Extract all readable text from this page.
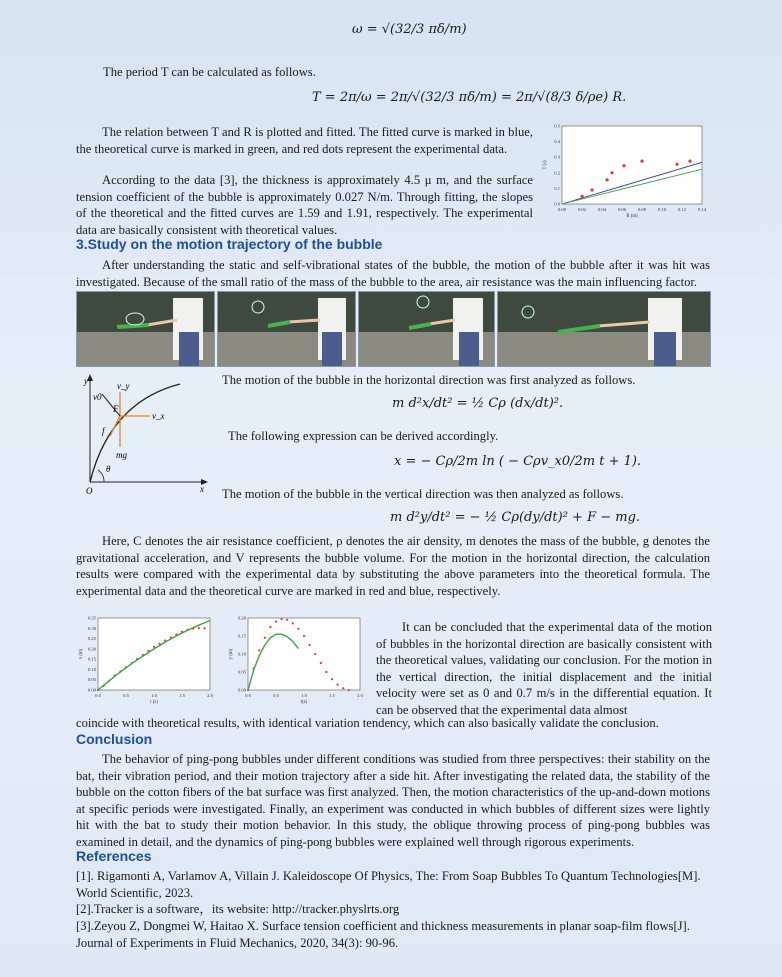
ω = √(32/3 πδ/m)
The period T can be calculated as follows.
T = 2π/ω = 2π/√(32/3 πδ/m) = 2π/√(8/3 δ/ρe) R.
The relation between T and R is plotted and fitted. The fitted curve is marked in blue, the theoretical curve is marked in green, and red dots represent the experimental data.
According to the data [3], the thickness is approximately 4.5 μ m, and the surface tension coefficient of the bubble is approximately 0.027 N/m. Through fitting, the slopes of the theoretical and the fitted curves are 1.59 and 1.91, respectively. The experimental data are basically consistent with theoretical values.
0.00	0.02	0.04	0.06	0.08	0.10	0.12	0.14
0.0
0.1
0.2
0.3
0.4
0.5
R (m)
T (s)
3.Study on the motion trajectory of the bubble
After understanding the static and self-vibrational states of the bubble, the motion of the bubble after it was hit was investigated. Because of the small ratio of the mass of the bubble to the area, air resistance was the main influencing factor.
y	v_y
v0
F
v_x
f
mg
θ
O	x
The motion of the bubble in the horizontal direction was first analyzed as follows.
m d²x/dt² = ½ Cρ (dx/dt)².
The following expression can be derived accordingly.
x = − Cρ/2m ln ( − Cρv_x0/2m t + 1).
The motion of the bubble in the vertical direction was then analyzed as follows.
m d²y/dt² = − ½ Cρ(dy/dt)² + F − mg.
Here, C denotes the air resistance coefficient, ρ denotes the air density, m denotes the mass of the bubble, g denotes the gravitational acceleration, and V represents the bubble volume. For the motion in the horizontal direction, the calculation results were compared with the experimental data by substituting the above parameters into the theoretical formula. The experimental data and the theoretical curve are marked in red and blue, respectively.
0.0	0.5	1.0	1.5	2.0
0.00
0.05
0.10
0.15
0.20
0.25
0.30
0.35
t (s)
x (m)
0.0	0.5	1.0	1.5	2.0
0.00
0.05
0.10
0.15
0.20
t(s)
y (m)
It can be concluded that the experimental data of the motion of bubbles in the horizontal direction are basically consistent with the theoretical values, validating our conclusion. For the motion in the vertical direction, the initial displacement and the initial velocity were set as 0 and 0.7 m/s in the differential equation. It can be observed that the experimental data almost
coincide with theoretical results, with identical variation tendency, which can also basically validate the conclusion.
Conclusion
The behavior of ping-pong bubbles under different conditions was studied from three perspectives: their stability on the bat, their vibration period, and their motion trajectory after a side hit. After investigating the related data, the stability of the bubble on the cotton fibers of the bat surface was first analyzed. Then, the motion characteristics of the up-and-down motions at specific periods were investigated. Finally, an experiment was conducted in which bubbles of different sizes were lightly hit with the bat to study their motion behavior. In this study, the oblique throwing process of ping-pong bubbles was examined in detail, and the dynamics of ping-pong bubbles were explained well through rigorous experiments.
References
[1]. Rigamonti A, Varlamov A, Villain J. Kaleidoscope Of Physics, The: From Soap Bubbles To Quantum Technologies[M]. World Scientific, 2023.
[2].Tracker is a software，its website: http://tracker.physlrts.org
[3].Zeyou Z, Dongmei W, Haitao X. Surface tension coefficient and thickness measurements in planar soap-film flows[J]. Journal of Experiments in Fluid Mechanics, 2020, 34(3): 90-96.
